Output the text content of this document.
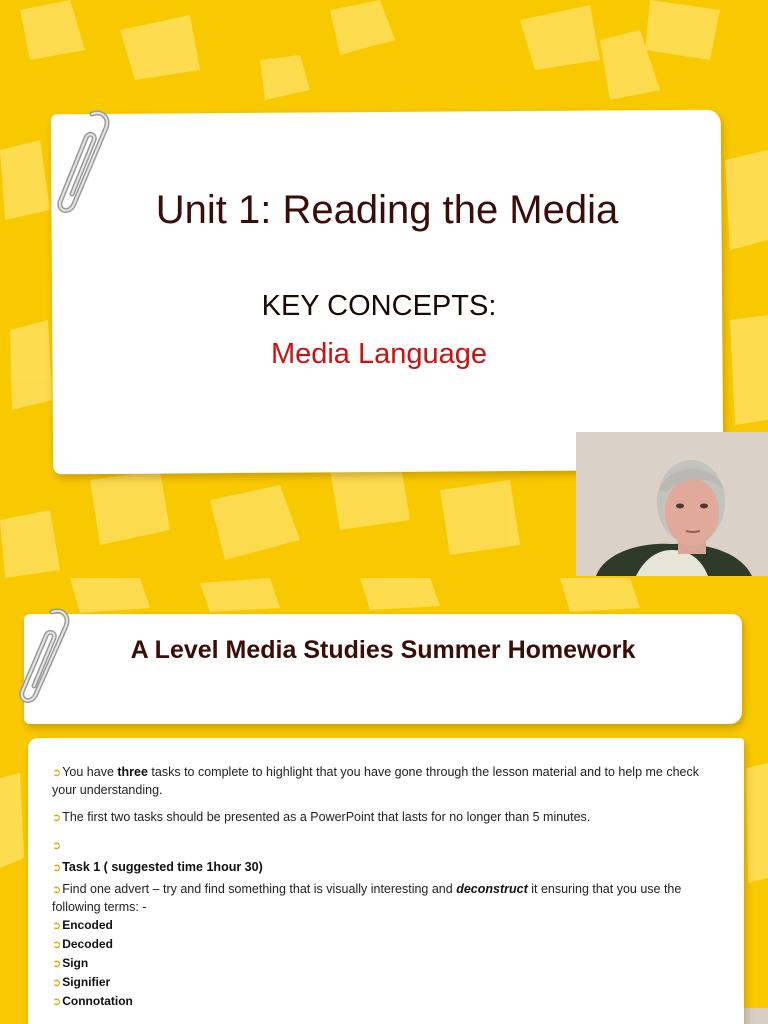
Unit 1: Reading the Media
KEY CONCEPTS:
Media Language
A Level Media Studies Summer Homework

➲You have three tasks to complete to highlight that you have gone through the lesson material and to help me check your understanding.

➲The first two tasks should be presented as a PowerPoint that lasts for no longer than 5 minutes.

➲

➲Task 1 ( suggested time 1hour 30)

➲Find one advert – try and find something that is visually interesting and deconstruct it ensuring that you use the following terms: -

➲Encoded

➲Decoded

➲Sign

➲Signifier

➲Connotation
